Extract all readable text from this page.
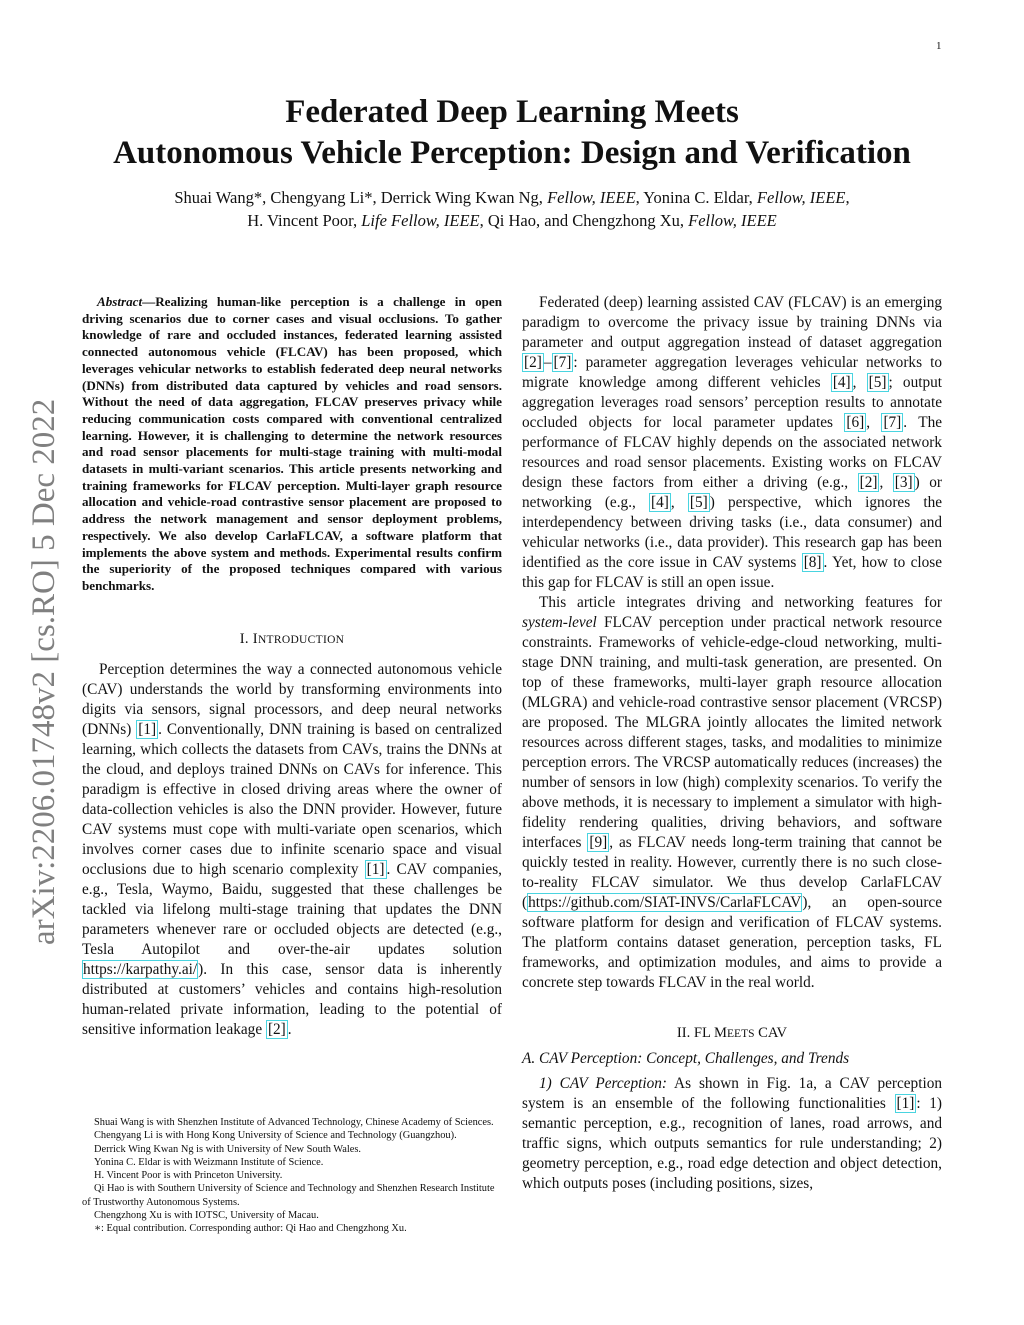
1
arXiv:2206.01748v2 [cs.RO] 5 Dec 2022
Federated Deep Learning Meets
Autonomous Vehicle Perception: Design and Verification
Shuai Wang*, Chengyang Li*, Derrick Wing Kwan Ng, Fellow, IEEE, Yonina C. Eldar, Fellow, IEEE,
H. Vincent Poor, Life Fellow, IEEE, Qi Hao, and Chengzhong Xu, Fellow, IEEE

Abstract—Realizing human-like perception is a challenge in open driving scenarios due to corner cases and visual occlusions. To gather knowledge of rare and occluded instances, federated learning assisted connected autonomous vehicle (FLCAV) has been proposed, which leverages vehicular networks to establish federated deep neural networks (DNNs) from distributed data captured by vehicles and road sensors. Without the need of data aggregation, FLCAV preserves privacy while reducing communication costs compared with conventional centralized learning. However, it is challenging to determine the network resources and road sensor placements for multi-stage training with multi-modal datasets in multi-variant scenarios. This article presents networking and training frameworks for FLCAV perception. Multi-layer graph resource allocation and vehicle-road contrastive sensor placement are proposed to address the network management and sensor deployment problems, respectively. We also develop CarlaFLCAV, a software platform that implements the above system and methods. Experimental results confirm the superiority of the proposed techniques compared with various benchmarks.

I. INTRODUCTION

Perception determines the way a connected autonomous vehicle (CAV) understands the world by transforming environments into digits via sensors, signal processors, and deep neural networks (DNNs) [1] . Conventionally, DNN training is based on centralized learning, which collects the datasets from CAVs, trains the DNNs at the cloud, and deploys trained DNNs on CAVs for inference. This paradigm is effective in closed driving areas where the owner of data-collection vehicles is also the DNN provider. However, future CAV systems must cope with multi-variate open scenarios, which involves corner cases due to infinite scenario space and visual occlusions due to high scenario complexity [1] . CAV companies, e.g., Tesla, Waymo, Baidu, suggested that these challenges be tackled via lifelong multi-stage training that updates the DNN parameters whenever rare or occluded objects are detected (e.g., Tesla Autopilot and over-the-air updates solution https://karpathy.ai/). In this case, sensor data is inherently distributed at customers’ vehicles and contains high-resolution human-related private information, leading to the potential of sensitive information leakage [2] .

Shuai Wang is with Shenzhen Institute of Advanced Technology, Chinese Academy of Sciences.

Chengyang Li is with Hong Kong University of Science and Technology (Guangzhou).

Derrick Wing Kwan Ng is with University of New South Wales.

Yonina C. Eldar is with Weizmann Institute of Science.

H. Vincent Poor is with Princeton University.

Qi Hao is with Southern University of Science and Technology and Shenzhen Research Institute of Trustworthy Autonomous Systems.

Chengzhong Xu is with IOTSC, University of Macau.

∗: Equal contribution. Corresponding author: Qi Hao and Chengzhong Xu.

Federated (deep) learning assisted CAV (FLCAV) is an emerging paradigm to overcome the privacy issue by training DNNs via parameter and output aggregation instead of dataset aggregation [2] – [7] : parameter aggregation leverages vehicular networks to migrate knowledge among different vehicles [4] , [5] ; output aggregation leverages road sensors’ perception results to annotate occluded objects for local parameter updates [6] , [7] . The performance of FLCAV highly depends on the associated network resources and road sensor placements. Existing works on FLCAV design these factors from either a driving (e.g., [2] , [3] ) or networking (e.g., [4] , [5] ) perspective, which ignores the interdependency between driving tasks (i.e., data consumer) and vehicular networks (i.e., data provider). This research gap has been identified as the core issue in CAV systems [8] . Yet, how to close this gap for FLCAV is still an open issue.

This article integrates driving and networking features for system-level FLCAV perception under practical network resource constraints. Frameworks of vehicle-edge-cloud networking, multi-stage DNN training, and multi-task generation, are presented. On top of these frameworks, multi-layer graph resource allocation (MLGRA) and vehicle-road contrastive sensor placement (VRCSP) are proposed. The MLGRA jointly allocates the limited network resources across different stages, tasks, and modalities to minimize perception errors. The VRCSP automatically reduces (increases) the number of sensors in low (high) complexity scenarios. To verify the above methods, it is necessary to implement a simulator with high-fidelity rendering qualities, driving behaviors, and software interfaces [9] , as FLCAV needs long-term training that cannot be quickly tested in reality. However, currently there is no such close-to-reality FLCAV simulator. We thus develop CarlaFLCAV (https://github.com/SIAT-INVS/CarlaFLCAV), an open-source software platform for design and verification of FLCAV systems. The platform contains dataset generation, perception tasks, FL frameworks, and optimization modules, and aims to provide a concrete step towards FLCAV in the real world.

II. FL MEETS CAV
A. CAV Perception: Concept, Challenges, and Trends

1) CAV Perception: As shown in Fig. 1a, a CAV perception system is an ensemble of the following functionalities [1] : 1) semantic perception, e.g., recognition of lanes, road arrows, and traffic signs, which outputs semantics for rule understanding; 2) geometry perception, e.g., road edge detection and object detection, which outputs poses (including positions, sizes,
